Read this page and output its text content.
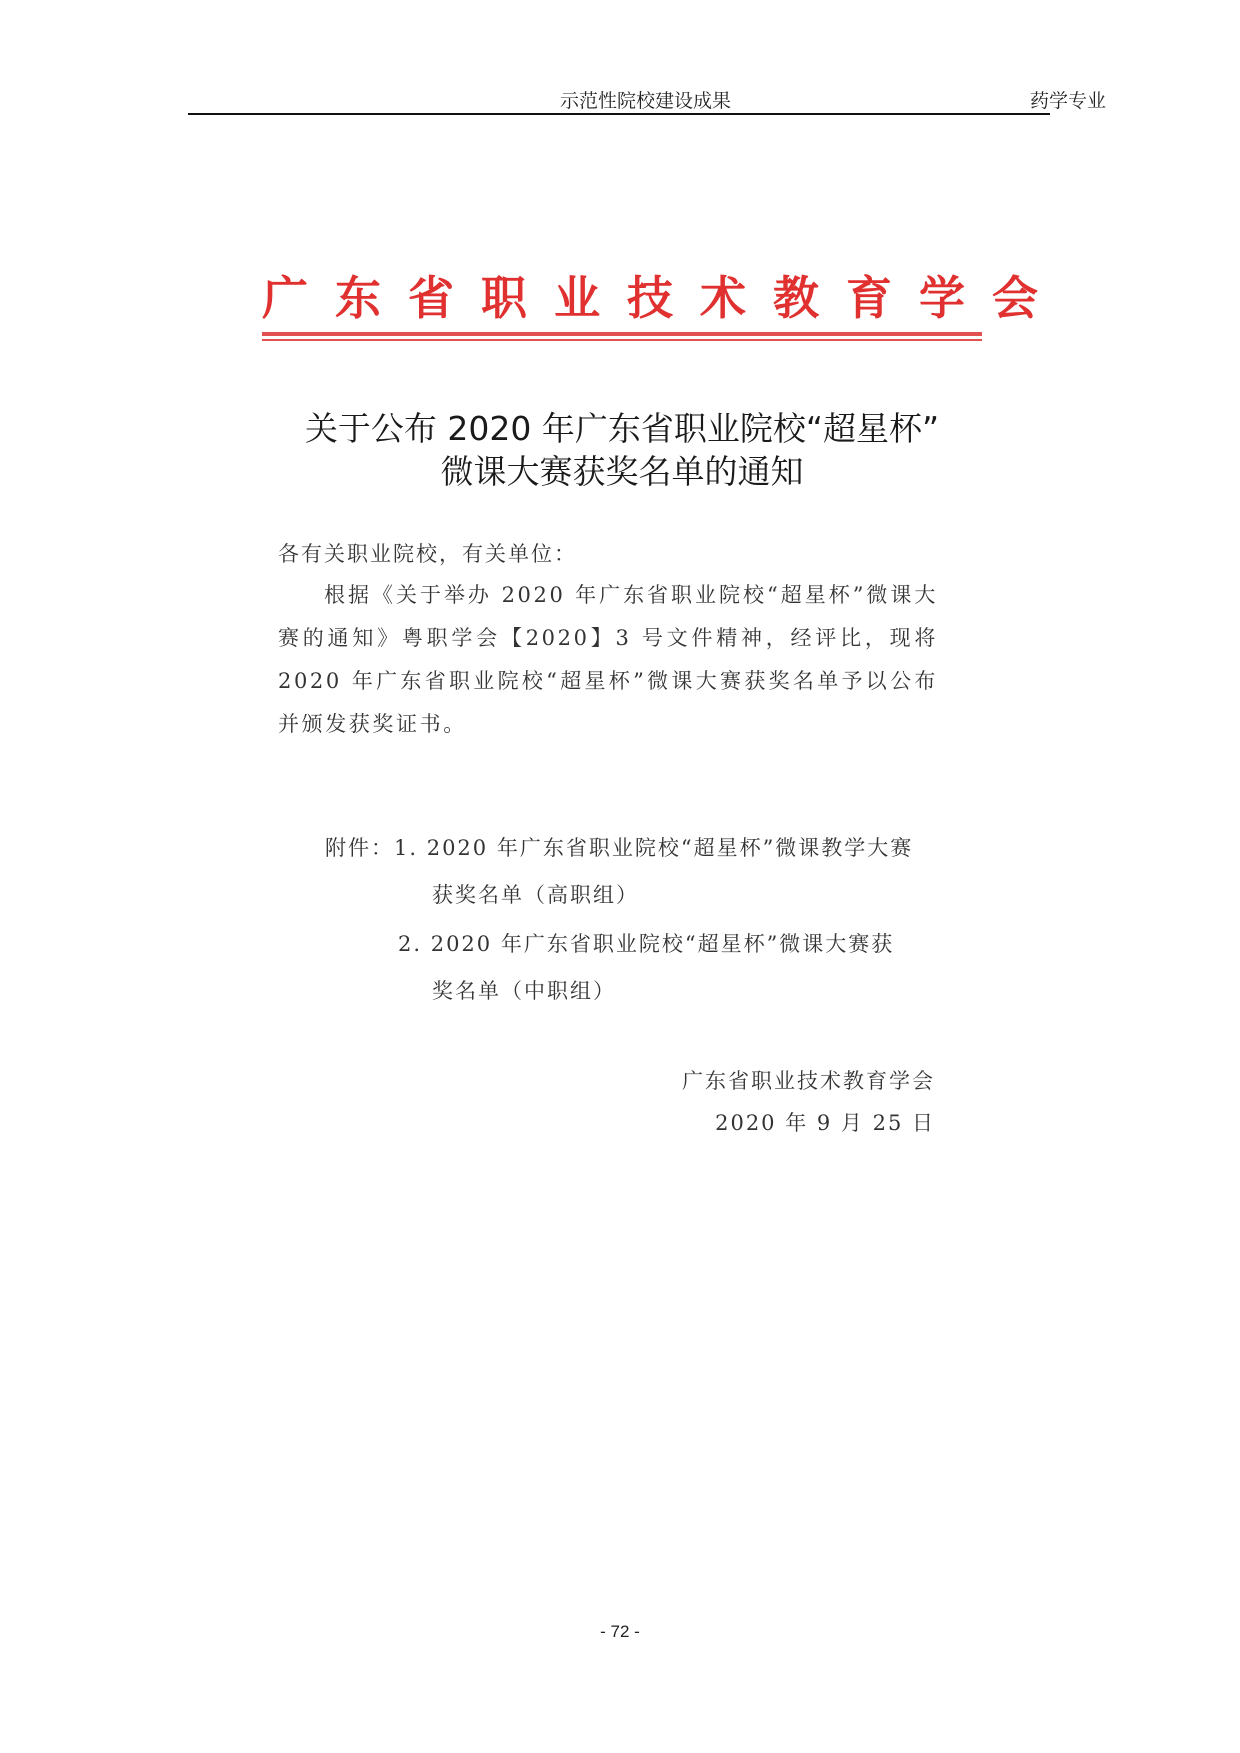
示范性院校建设成果	药学专业
广东省职业技术教育学会
关于公布 2020 年广东省职业院校“超星杯”
微课大赛获奖名单的通知
各有关职业院校，有关单位：
根据《关于举办 2020 年广东省职业院校“超星杯”微课大赛的通知》粤职学会【2020】3 号文件精神，经评比，现将 2020 年广东省职业院校“超星杯”微课大赛获奖名单予以公布并颁发获奖证书。
附件：1. 2020 年广东省职业院校“超星杯”微课教学大赛
获奖名单（高职组）
2. 2020 年广东省职业院校“超星杯”微课大赛获
奖名单（中职组）
广东省职业技术教育学会
2020 年 9 月 25 日
- 72 -
